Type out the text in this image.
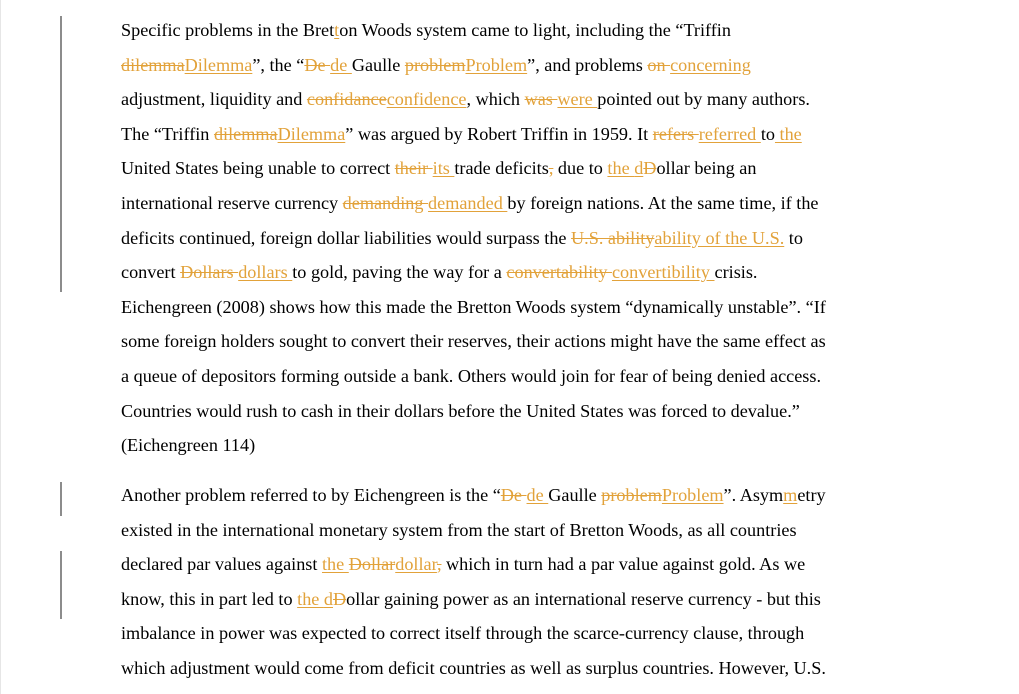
Specific problems in the Bretton Woods system came to light, including the “Triffin
dilemmaDilemma”, the “De de Gaulle problemProblem”, and problems on concerning
adjustment, liquidity and confidanceconfidence, which was were pointed out by many authors.
The “Triffin dilemmaDilemma” was argued by Robert Triffin in 1959. It refers referred to the
United States being unable to correct their its trade deficits, due to the dDollar being an
international reserve currency demanding demanded by foreign nations. At the same time, if the
deficits continued, foreign dollar liabilities would surpass the U.S. abilityability of the U.S. to
convert Dollars dollars to gold, paving the way for a convertability convertibility crisis.
Eichengreen (2008) shows how this made the Bretton Woods system “dynamically unstable”. “If
some foreign holders sought to convert their reserves, their actions might have the same effect as
a queue of depositors forming outside a bank. Others would join for fear of being denied access.
Countries would rush to cash in their dollars before the United States was forced to devalue.”
(Eichengreen 114)
Another problem referred to by Eichengreen is the “De de Gaulle problemProblem”. Asymmetry
existed in the international monetary system from the start of Bretton Woods, as all countries
declared par values against the Dollardollar, which in turn had a par value against gold. As we
know, this in part led to the dDollar gaining power as an international reserve currency - but this
imbalance in power was expected to correct itself through the scarce-currency clause, through
which adjustment would come from deficit countries as well as surplus countries. However, U.S.
